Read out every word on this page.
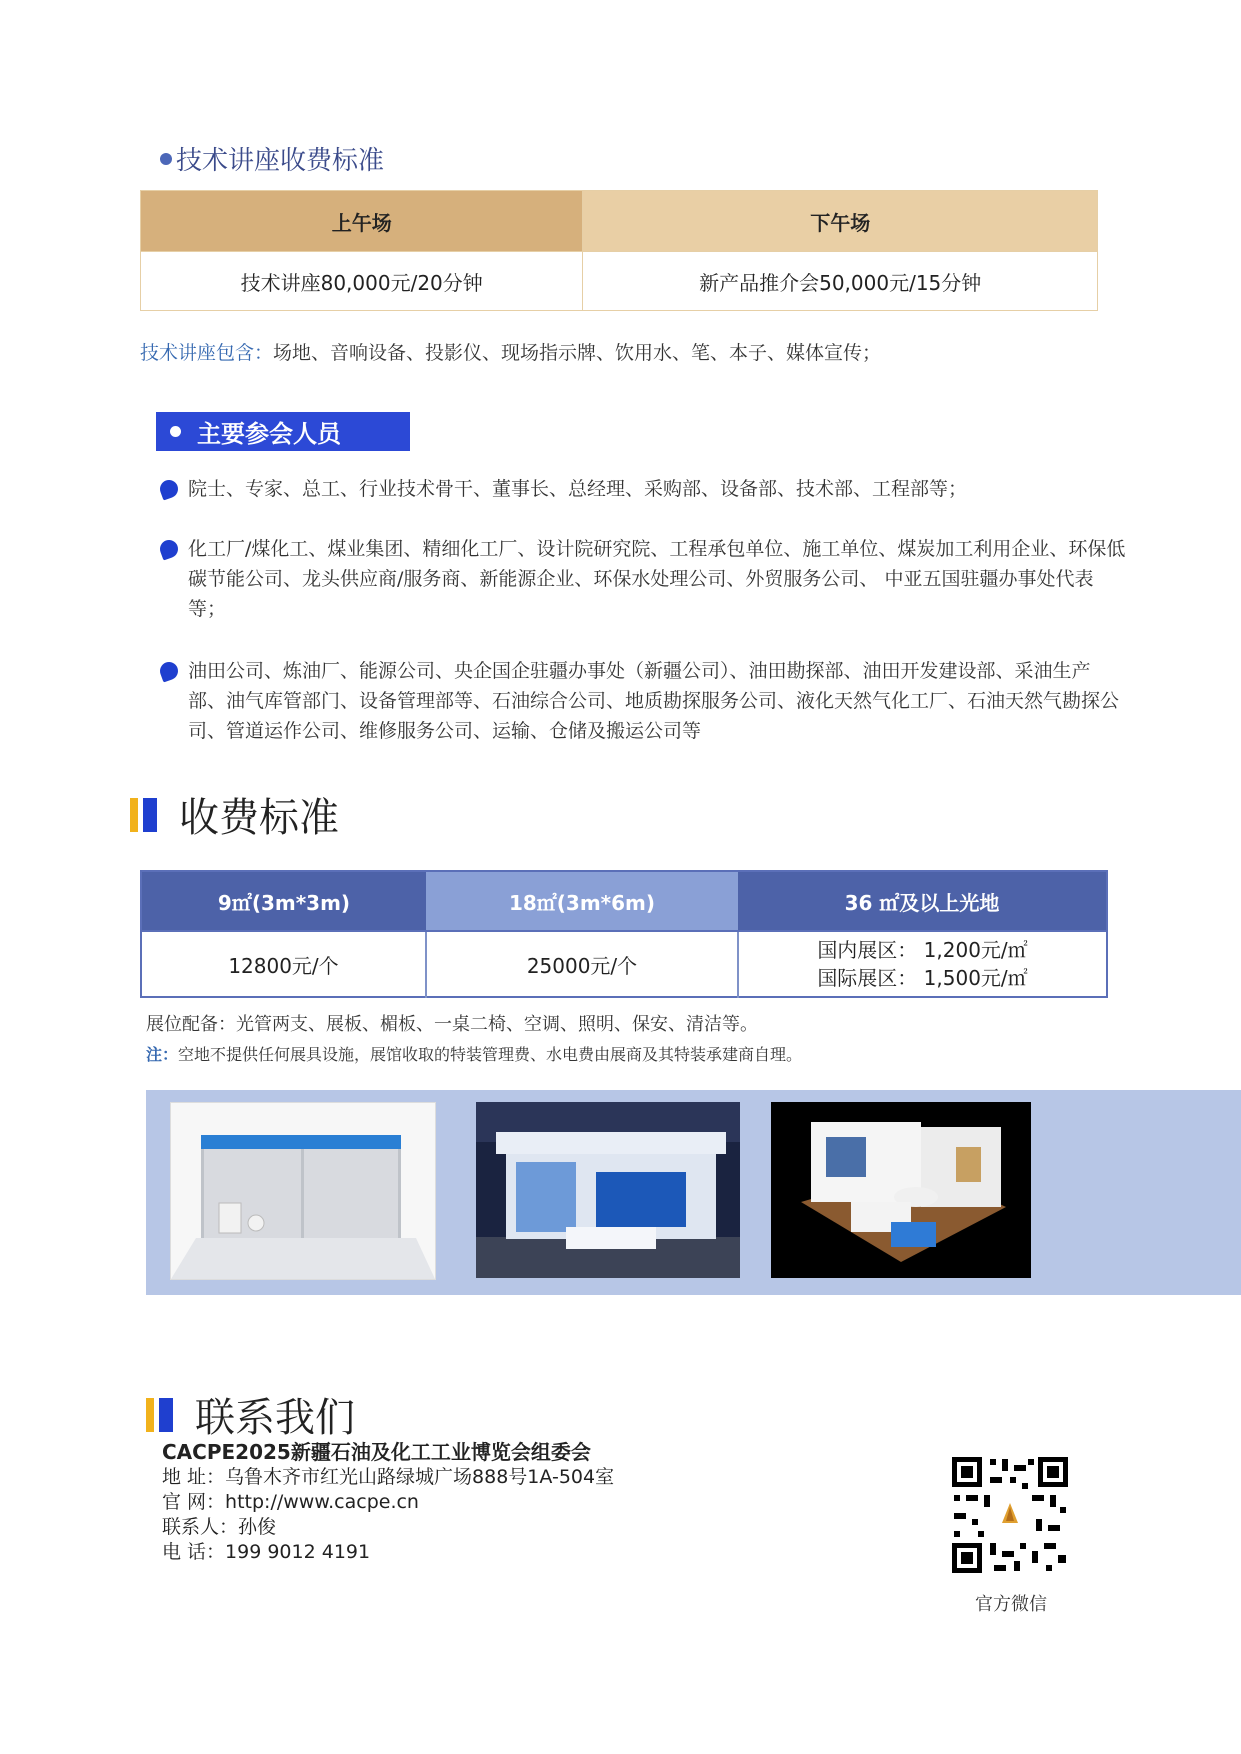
技术讲座收费标准
上午场	下午场
技术讲座80,000元/20分钟	新产品推介会50,000元/15分钟
技术讲座包含：场地、音响设备、投影仪、现场指示牌、饮用水、笔、本子、媒体宣传；
主要参会人员
院士、专家、总工、行业技术骨干、董事长、总经理、采购部、设备部、技术部、工程部等；
化工厂/煤化工、煤业集团、精细化工厂、设计院研究院、工程承包单位、施工单位、煤炭加工利用企业、环保低碳节能公司、龙头供应商/服务商、新能源企业、环保水处理公司、外贸服务公司、 中亚五国驻疆办事处代表等；
油田公司、炼油厂、能源公司、央企国企驻疆办事处（新疆公司）、油田勘探部、油田开发建设部、采油生产部、油气库管部门、设备管理部等、石油综合公司、地质勘探服务公司、液化天然气化工厂、石油天然气勘探公司、管道运作公司、维修服务公司、运输、仓储及搬运公司等
收费标准
9㎡(3m*3m)	18㎡(3m*6m)	36 ㎡及以上光地
12800元/个	25000元/个	国内展区： 1,200元/㎡
国际展区： 1,500元/㎡
展位配备：光管两支、展板、楣板、一桌二椅、空调、照明、保安、清洁等。
注：空地不提供任何展具设施，展馆收取的特装管理费、水电费由展商及其特装承建商自理。
联系我们
CACPE2025新疆石油及化工工业博览会组委会
地 址：乌鲁木齐市红光山路绿城广场888号1A-504室
官 网：http://www.cacpe.cn
联系人：孙俊
电 话：199 9012 4191
官方微信
